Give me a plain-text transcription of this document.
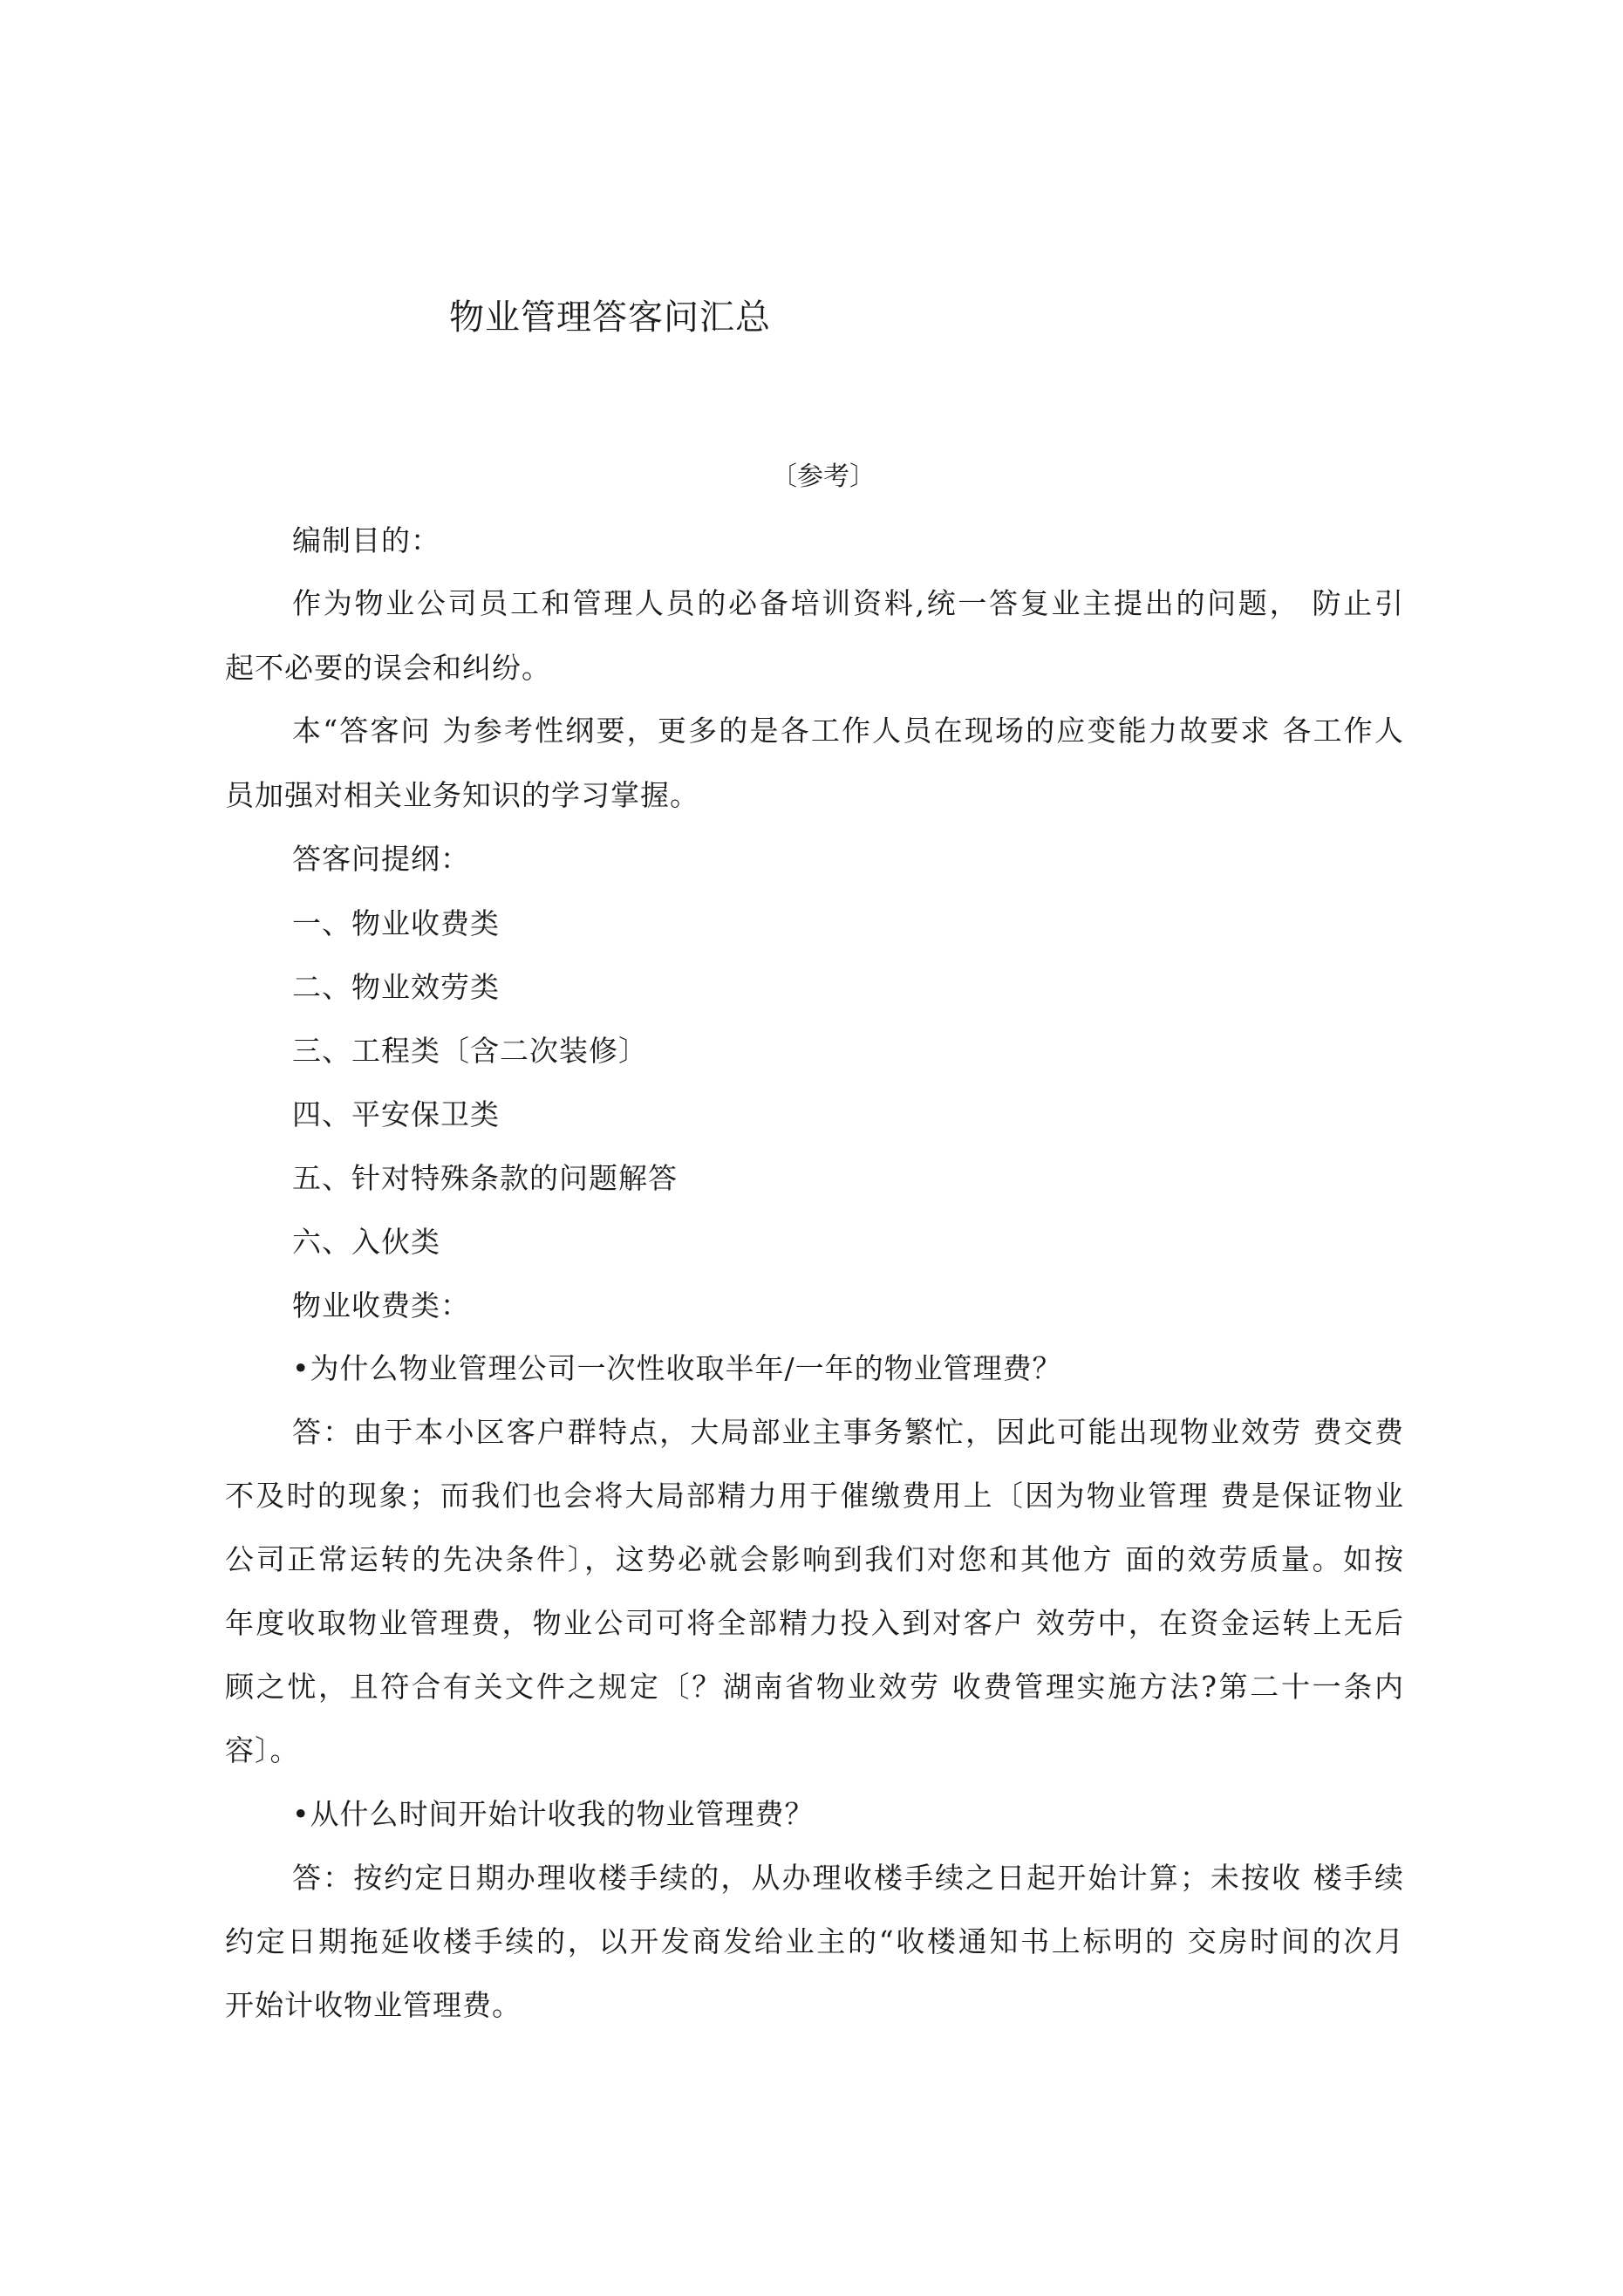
物业管理答客问汇总
〔参考〕
编制目的：
作为物业公司员工和管理人员的必备培训资料,统一答复业主提出的问题， 防止引
起不必要的误会和纠纷。
本“答客问 为参考性纲要，更多的是各工作人员在现场的应变能力故要求 各工作人
员加强对相关业务知识的学习掌握。
答客问提纲：
一、物业收费类
二、物业效劳类
三、工程类〔含二次装修〕
四、平安保卫类
五、针对特殊条款的问题解答
六、入伙类
物业收费类：
•为什么物业管理公司一次性收取半年/一年的物业管理费？
答：由于本小区客户群特点，大局部业主事务繁忙，因此可能出现物业效劳 费交费
不及时的现象；而我们也会将大局部精力用于催缴费用上〔因为物业管理 费是保证物业
公司正常运转的先决条件〕，这势必就会影响到我们对您和其他方 面的效劳质量。如按
年度收取物业管理费，物业公司可将全部精力投入到对客户 效劳中，在资金运转上无后
顾之忧，且符合有关文件之规定〔？湖南省物业效劳 收费管理实施方法?第二十一条内
容〕。
•从什么时间开始计收我的物业管理费？
答：按约定日期办理收楼手续的，从办理收楼手续之日起开始计算；未按收 楼手续
约定日期拖延收楼手续的，以开发商发给业主的“收楼通知书上标明的 交房时间的次月
开始计收物业管理费。
